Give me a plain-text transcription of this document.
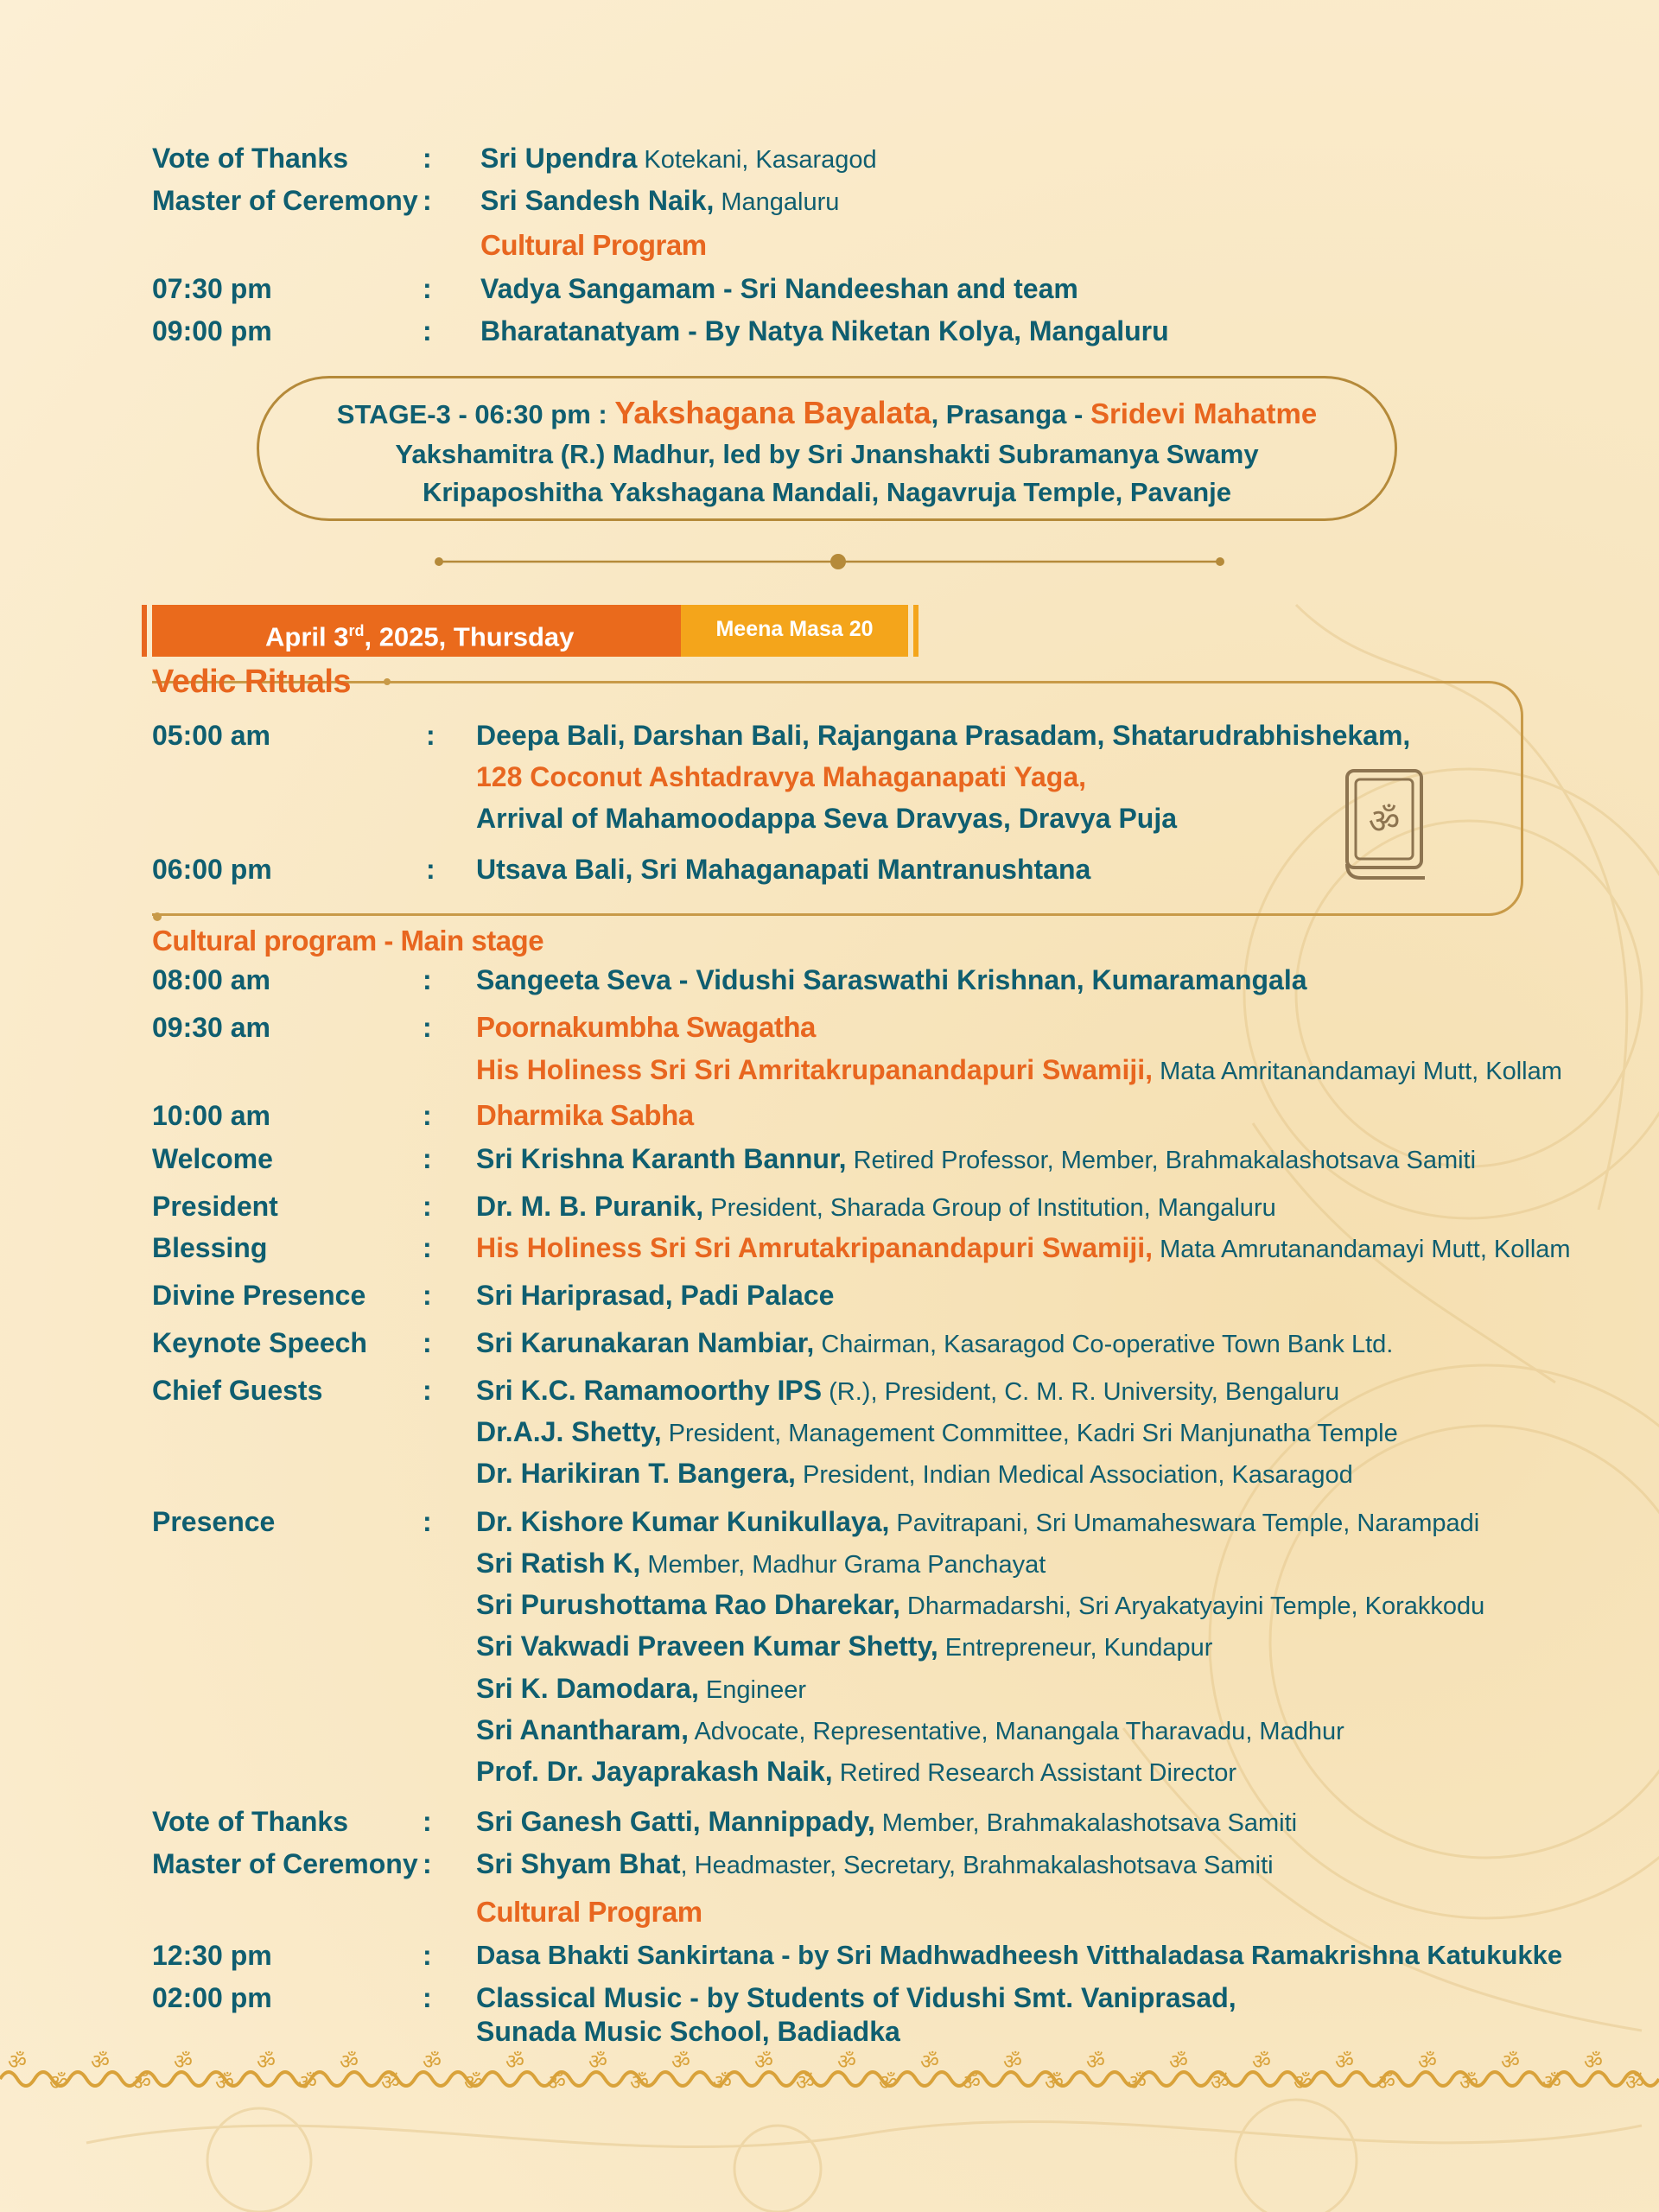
Vote of Thanks	: Sri Upendra Kotekani, Kasaragod
Master of Ceremony : Sri Sandesh Naik, Mangaluru
Cultural Program
07:30 pm	: Vadya Sangamam - Sri Nandeeshan and team
09:00 pm	: Bharatanatyam - By Natya Niketan Kolya, Mangaluru
STAGE-3 - 06:30 pm : Yakshagana Bayalata, Prasanga - Sridevi Mahatme
Yakshamitra (R.) Madhur, led by Sri Jnanshakti Subramanya Swamy
Kripaposhitha Yakshagana Mandali, Nagavruja Temple, Pavanje
April 3rd, 2025, Thursday	Meena Masa 20
Vedic Rituals
05:00 am	: Deepa Bali, Darshan Bali, Rajangana Prasadam, Shatarudrabhishekam,
128 Coconut Ashtadravya Mahaganapati Yaga,
Arrival of Mahamoodappa Seva Dravyas, Dravya Puja
06:00 pm	: Utsava Bali, Sri Mahaganapati Mantranushtana
ॐ
Cultural program - Main stage
08:00 am	: Sangeeta Seva - Vidushi Saraswathi Krishnan, Kumaramangala
09:30 am	: Poornakumbha Swagatha
His Holiness Sri Sri Amritakrupanandapuri Swamiji, Mata Amritanandamayi Mutt, Kollam
10:00 am	: Dharmika Sabha
Welcome	: Sri Krishna Karanth Bannur, Retired Professor, Member, Brahmakalashotsava Samiti
President	: Dr. M. B. Puranik, President, Sharada Group of Institution, Mangaluru
Blessing	: His Holiness Sri Sri Amrutakripanandapuri Swamiji, Mata Amrutanandamayi Mutt, Kollam
Divine Presence : Sri Hariprasad, Padi Palace
Keynote Speech : Sri Karunakaran Nambiar, Chairman, Kasaragod Co-operative Town Bank Ltd.
Chief Guests	: Sri K.C. Ramamoorthy IPS (R.), President, C. M. R. University, Bengaluru
Dr.A.J. Shetty, President, Management Committee, Kadri Sri Manjunatha Temple
Dr. Harikiran T. Bangera, President, Indian Medical Association, Kasaragod
Presence	: Dr. Kishore Kumar Kunikullaya, Pavitrapani, Sri Umamaheswara Temple, Narampadi
Sri Ratish K, Member, Madhur Grama Panchayat
Sri Purushottama Rao Dharekar, Dharmadarshi, Sri Aryakatyayini Temple, Korakkodu
Sri Vakwadi Praveen Kumar Shetty, Entrepreneur, Kundapur
Sri K. Damodara, Engineer
Sri Anantharam, Advocate, Representative, Manangala Tharavadu, Madhur
Prof. Dr. Jayaprakash Naik, Retired Research Assistant Director
Vote of Thanks	: Sri Ganesh Gatti, Mannippady, Member, Brahmakalashotsava Samiti
Master of Ceremony : Sri Shyam Bhat, Headmaster, Secretary, Brahmakalashotsava Samiti
Cultural Program
12:30 pm	: Dasa Bhakti Sankirtana - by Sri Madhwadheesh Vitthaladasa Ramakrishna Katukukke
02:00 pm	: Classical Music - by Students of Vidushi Smt. Vaniprasad,
Sunada Music School, Badiadka
ॐ
ॐ
ॐ
ॐ
ॐ
ॐ
ॐ
ॐ
ॐ
ॐ
ॐ
ॐ
ॐ
ॐ
ॐ
ॐ
ॐ
ॐ
ॐ
ॐ
ॐ
ॐ
ॐ
ॐ
ॐ
ॐ
ॐ
ॐ
ॐ
ॐ
ॐ
ॐ
ॐ
ॐ
ॐ
ॐ
ॐ
ॐ
ॐ
ॐ
